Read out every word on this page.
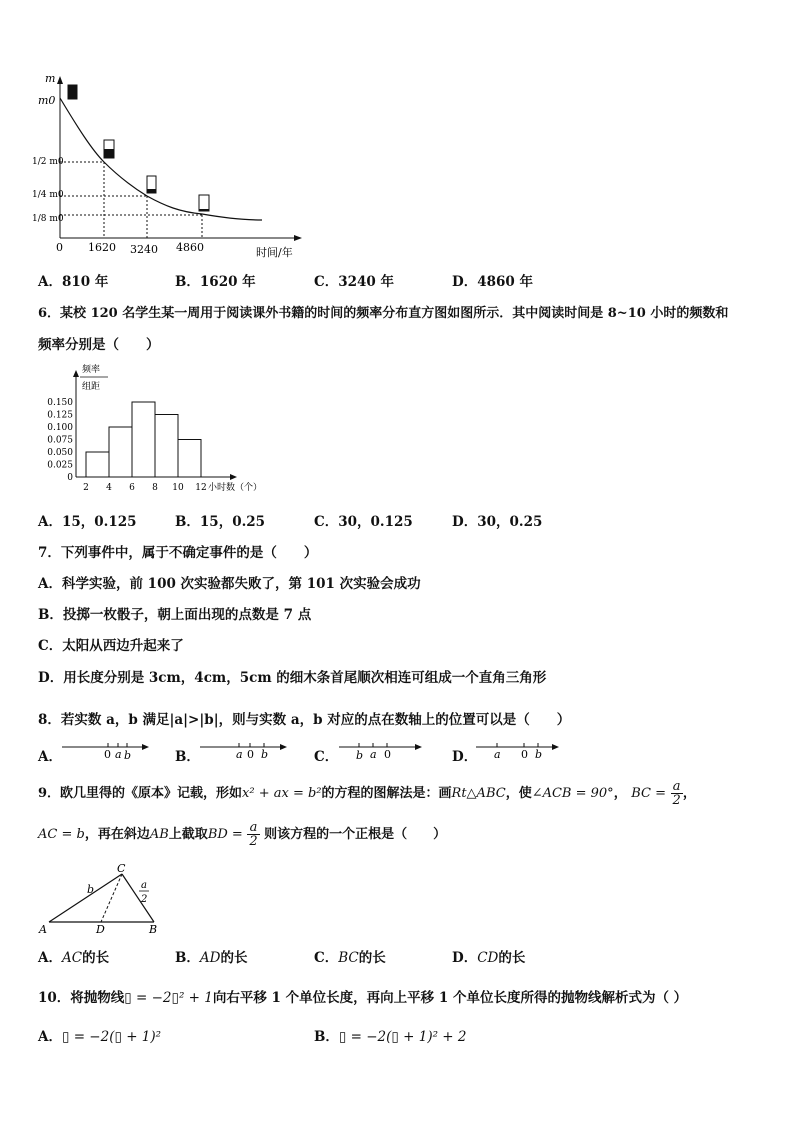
m
m0
1/2 m0
1/4 m0
1/8 m0
0 1620 3240 4860	时间/年
A．810 年	B．1620 年	C．3240 年	D．4860 年
6．某校 120 名学生某一周用于阅读课外书籍的时间的频率分布直方图如图所示．其中阅读时间是 8~10 小时的频数和
频率分别是（　　）
频率
组距
0
0.025
0.050
0.075
0.100
0.125
0.150
2 4 6 8 10 12 小时数（个）
A．15，0.125	B．15，0.25	C．30，0.125	D．30，0.25
7．下列事件中，属于不确定事件的是（　　）
A．科学实验，前 100 次实验都失败了，第 101 次实验会成功
B．投掷一枚骰子，朝上面出现的点数是 7 点
C．太阳从西边升起来了
D．用长度分别是 3cm，4cm，5cm 的细木条首尾顺次相连可组成一个直角三角形
8．若实数 a，b 满足|a|>|b|，则与实数 a，b 对应的点在数轴上的位置可以是（　　）
A．	0 a b	B．	a 0 b	C． b a 0	D． a 0 b
9．欧几里得的《原本》记载，形如x² + ax = b²的方程的图解法是：画Rt△ABC，使∠ACB = 90°， BC = $\frac{a}{2}$ ，
AC = b，再在斜边AB上截取BD = $\frac{a}{2}$ 则该方程的一个正根是（　　）
C
b	a
2
A	D	B
A．AC的长	B．AD的长	C．BC的长	D．CD的长
10．将抛物线▯ = −2▯² + 1向右平移 1 个单位长度，再向上平移 1 个单位长度所得的抛物线解析式为（ ）
A．▯ = −2(▯ + 1)²	B．▯ = −2(▯ + 1)² + 2
